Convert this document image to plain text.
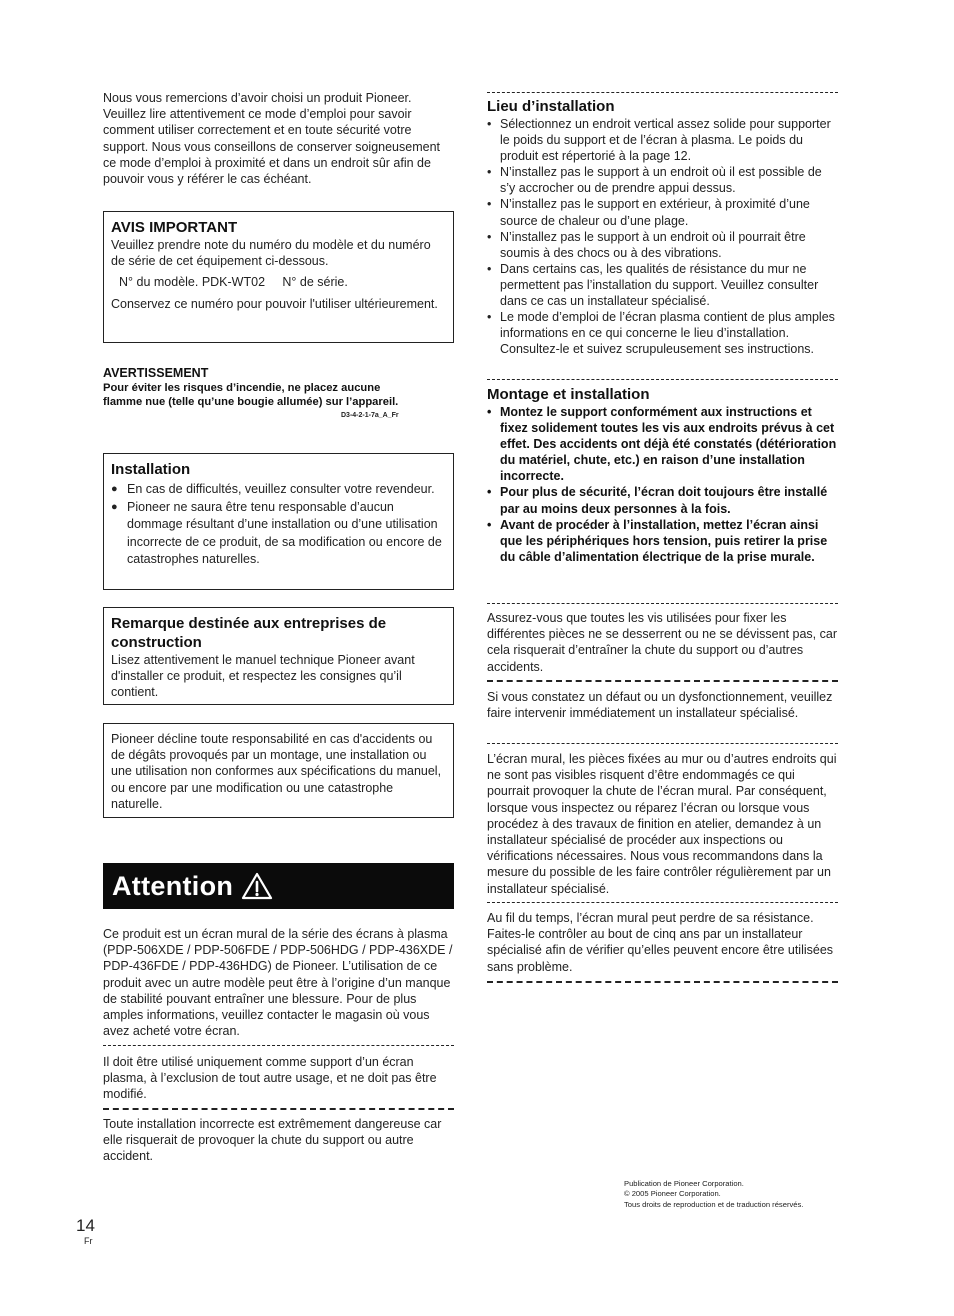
Nous vous remercions d’avoir choisi un produit Pioneer. Veuillez lire attentivement ce mode d’emploi pour savoir comment utiliser correctement et en toute sécurité votre support. Nous vous conseillons de conserver soigneusement ce mode d’emploi à proximité et dans un endroit sûr afin de pouvoir vous y référer le cas échéant.

AVIS IMPORTANT

Veuillez prendre note du numéro du modèle et du numéro de série de cet équipement ci-dessous.

N° du modèle. PDK-WT02 N° de série.

Conservez ce numéro pour pouvoir l'utiliser ultérieurement.

AVERTISSEMENT

Pour éviter les risques d’incendie, ne placez aucune flamme nue (telle qu’une bougie allumée) sur l’appareil.

D3-4-2-1-7a_A_Fr
Installation
● En cas de difficultés, veuillez consulter votre revendeur.
● Pioneer ne saura être tenu responsable d’aucun dommage résultant d’une installation ou d’une utilisation incorrecte de ce produit, de sa modification ou encore de catastrophes naturelles.
Remarque destinée aux entreprises de construction

Lisez attentivement le manuel technique Pioneer avant d'installer ce produit, et respectez les consignes qu’il contient.

Pioneer décline toute responsabilité en cas d'accidents ou de dégâts provoqués par un montage, une installation ou une utilisation non conformes aux spécifications du manuel, ou encore par une modification ou une catastrophe naturelle.

Attention

Ce produit est un écran mural de la série des écrans à plasma (PDP-506XDE / PDP-506FDE / PDP-506HDG / PDP-436XDE / PDP-436FDE / PDP-436HDG) de Pioneer. L’utilisation de ce produit avec un autre modèle peut être à l’origine d’un manque de stabilité pouvant entraîner une blessure. Pour de plus amples informations, veuillez contacter le magasin où vous avez acheté votre écran.

Il doit être utilisé uniquement comme support d’un écran plasma, à l’exclusion de tout autre usage, et ne doit pas être modifié.

Toute installation incorrecte est extrêmement dangereuse car elle risquerait de provoquer la chute du support ou autre accident.

Lieu d’installation
• Sélectionnez un endroit vertical assez solide pour supporter le poids du support et de l’écran à plasma. Le poids du produit est répertorié à la page 12.
• N’installez pas le support à un endroit où il est possible de s’y accrocher ou de prendre appui dessus.
• N’installez pas le support en extérieur, à proximité d’une source de chaleur ou d’une plage.
• N’installez pas le support à un endroit où il pourrait être soumis à des chocs ou à des vibrations.
• Dans certains cas, les qualités de résistance du mur ne permettent pas l’installation du support. Veuillez consulter dans ce cas un installateur spécialisé.
• Le mode d’emploi de l’écran plasma contient de plus amples informations en ce qui concerne le lieu d’installation. Consultez-le et suivez scrupuleusement ses instructions.
Montage et installation
• Montez le support conformément aux instructions et fixez solidement toutes les vis aux endroits prévus à cet effet. Des accidents ont déjà été constatés (détérioration du matériel, chute, etc.) en raison d’une installation incorrecte.
• Pour plus de sécurité, l’écran doit toujours être installé par au moins deux personnes à la fois.
• Avant de procéder à l’installation, mettez l’écran ainsi que les périphériques hors tension, puis retirer la prise du câble d’alimentation électrique de la prise murale.

Assurez-vous que toutes les vis utilisées pour fixer les différentes pièces ne se desserrent ou ne se dévissent pas, car cela risquerait d’entraîner la chute du support ou d’autres accidents.

Si vous constatez un défaut ou un dysfonctionnement, veuillez faire intervenir immédiatement un installateur spécialisé.

L’écran mural, les pièces fixées au mur ou d’autres endroits qui ne sont pas visibles risquent d’être endommagés ce qui pourrait provoquer la chute de l’écran mural. Par conséquent, lorsque vous inspectez ou réparez l’écran ou lorsque vous procédez à des travaux de finition en atelier, demandez à un installateur spécialisé de procéder aux inspections ou vérifications nécessaires. Nous vous recommandons dans la mesure du possible de les faire contrôler régulièrement par un installateur spécialisé.

Au fil du temps, l’écran mural peut perdre de sa résistance. Faites-le contrôler au bout de cinq ans par un installateur spécialisé afin de vérifier qu’elles peuvent encore être utilisées sans problème.

Publication de Pioneer Corporation.
© 2005 Pioneer Corporation.
Tous droits de reproduction et de traduction réservés.
14
Fr
